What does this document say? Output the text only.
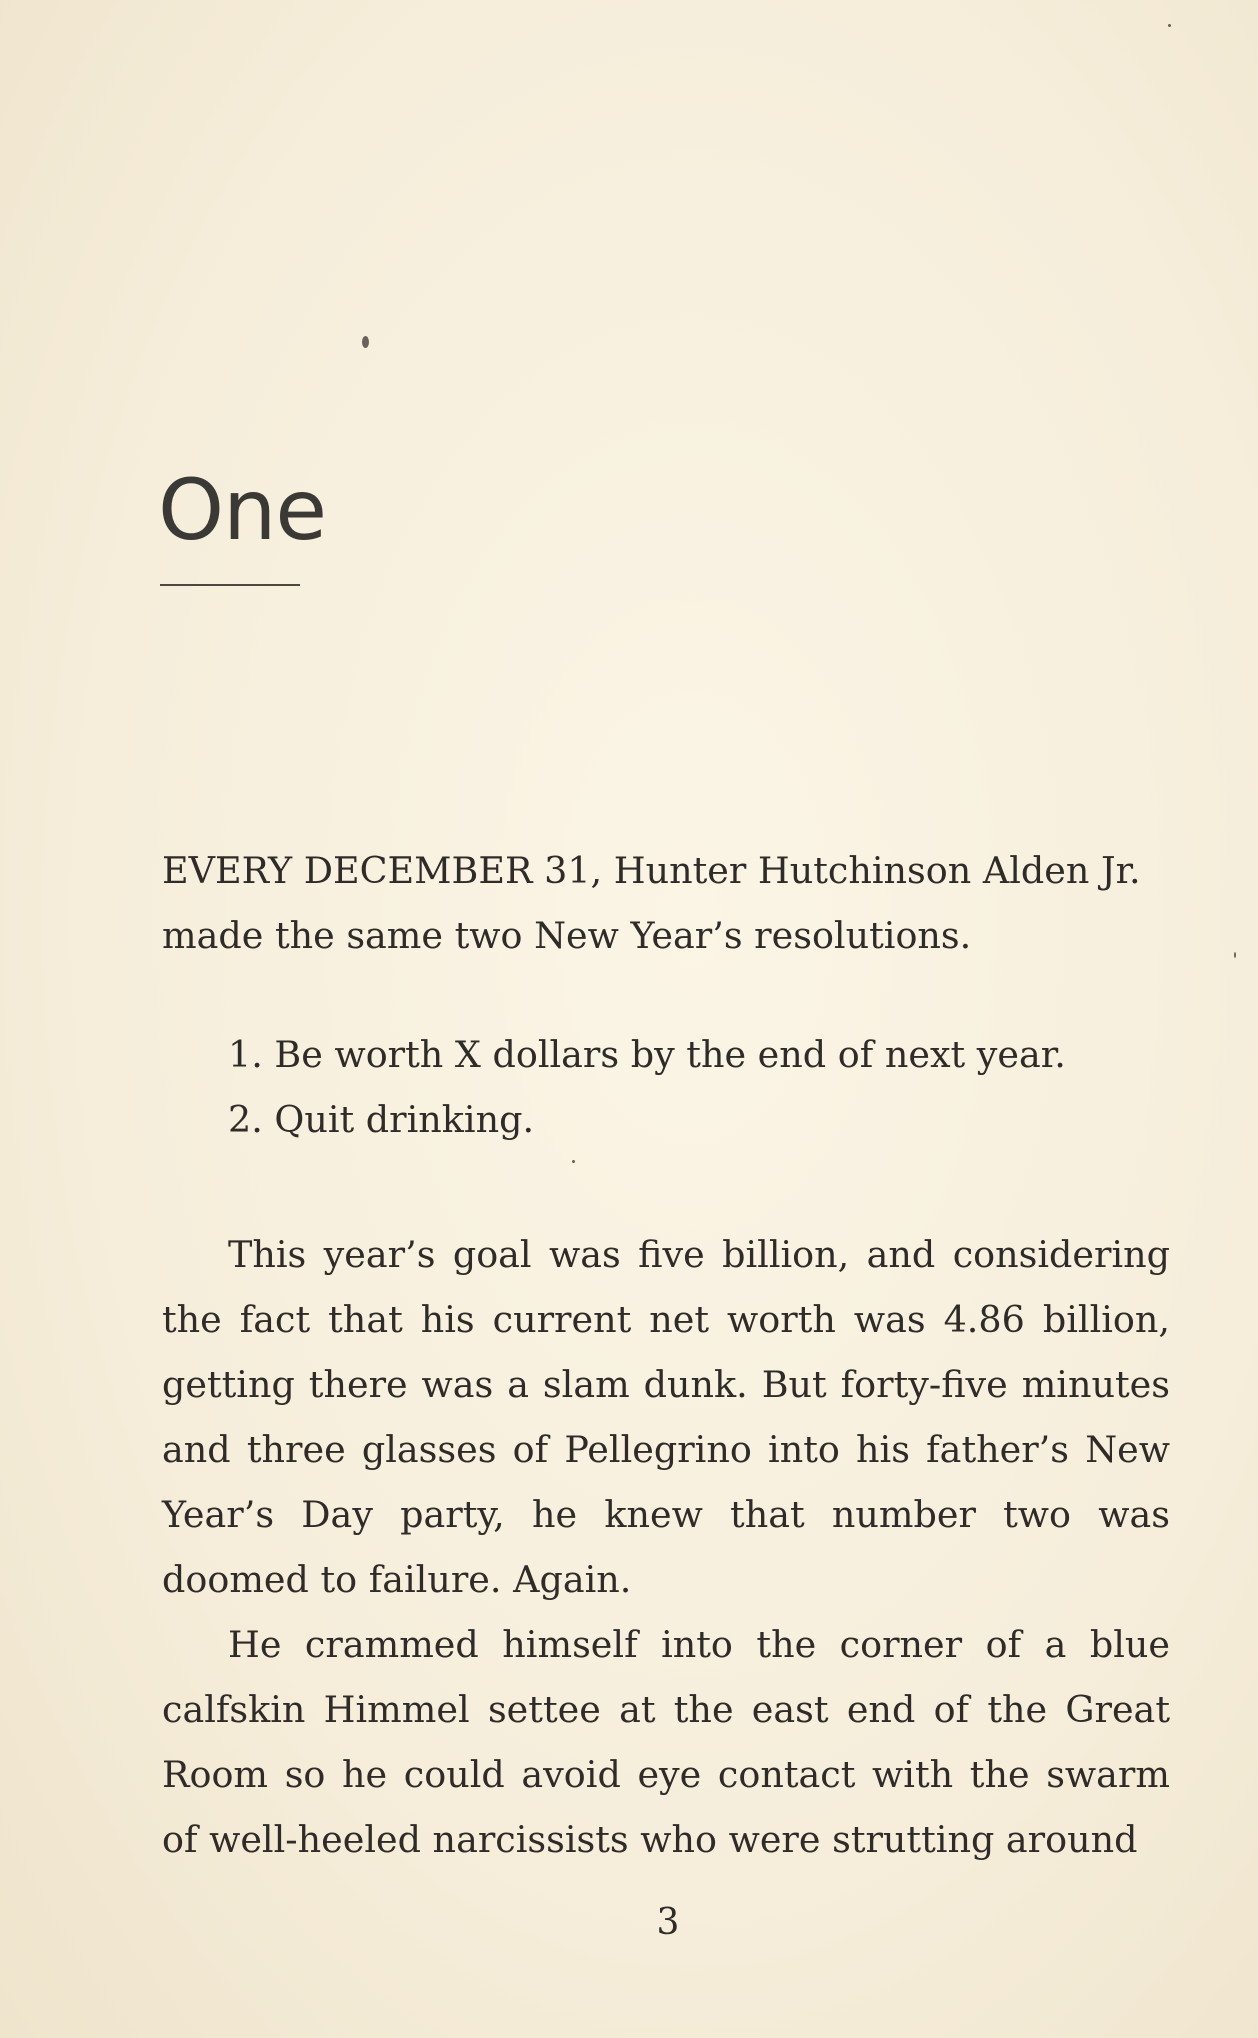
One

EVERY DECEMBER 31, Hunter Hutchinson Alden Jr.
made the same two New Year’s resolutions.

1. Be worth X dollars by the end of next year.
2. Quit drinking.

This year’s goal was five billion, and considering the fact that his current net worth was 4.86 billion, getting there was a slam dunk. But forty-five minutes and three glasses of Pellegrino into his father’s New Year’s Day party, he knew that number two was doomed to failure. Again.

He crammed himself into the corner of a blue calfskin Himmel settee at the east end of the Great Room so he could avoid eye contact with the swarm of well-heeled narcissists who were strutting around

3
